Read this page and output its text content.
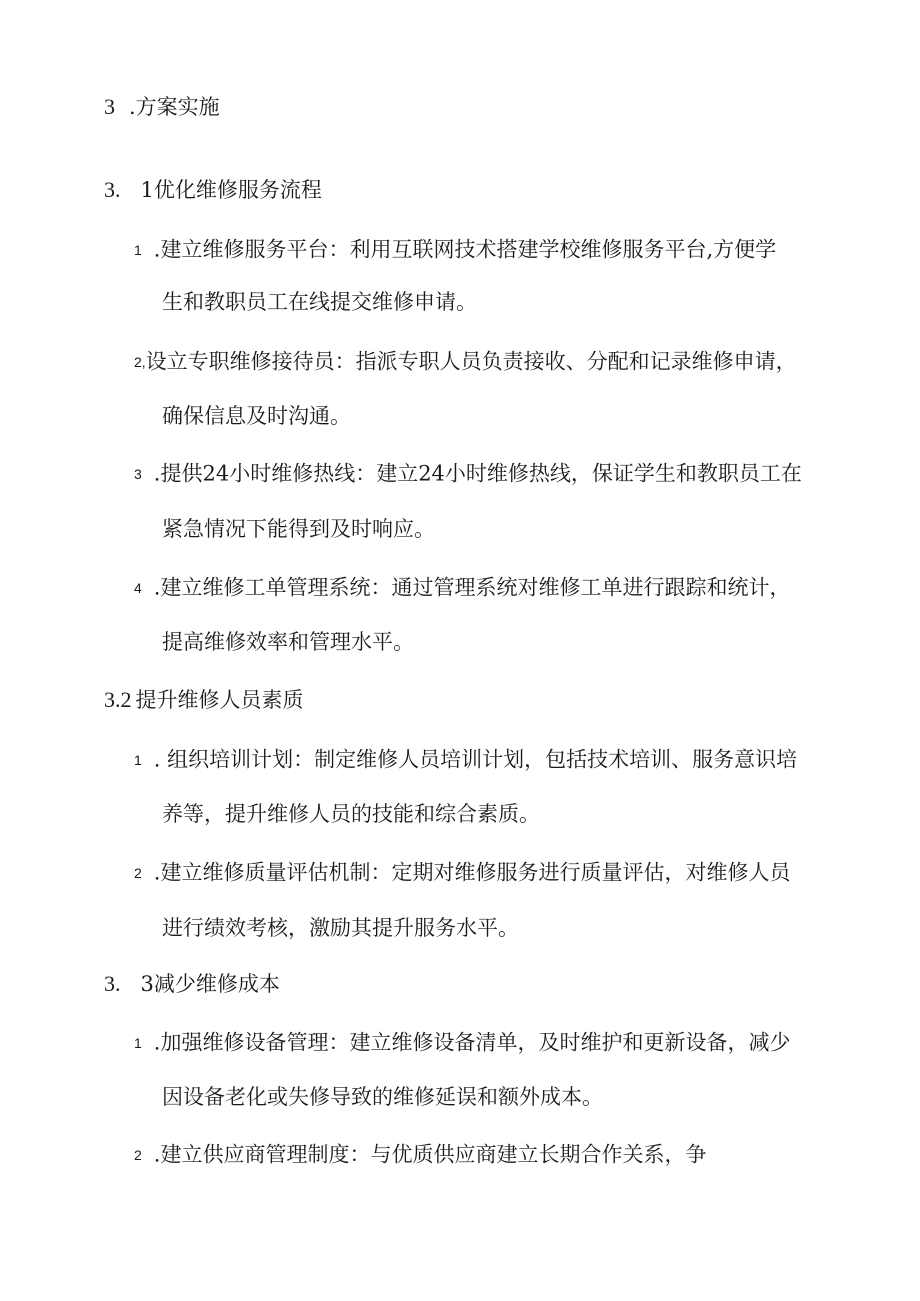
3 .方案实施

3. 1优化维修服务流程

1 .建立维修服务平台：利用互联网技术搭建学校维修服务平台,方便学

生和教职员工在线提交维修申请。

2,设立专职维修接待员：指派专职人员负责接收、分配和记录维修申请，

确保信息及时沟通。

3 .提供24小时维修热线：建立24小时维修热线，保证学生和教职员工在

紧急情况下能得到及时响应。

4 .建立维修工单管理系统：通过管理系统对维修工单进行跟踪和统计，

提高维修效率和管理水平。

3.2 提升维修人员素质

1 . 组织培训计划：制定维修人员培训计划，包括技术培训、服务意识培

养等，提升维修人员的技能和综合素质。

2 .建立维修质量评估机制：定期对维修服务进行质量评估，对维修人员

进行绩效考核，激励其提升服务水平。

3. 3减少维修成本

1 .加强维修设备管理：建立维修设备清单，及时维护和更新设备，减少

因设备老化或失修导致的维修延误和额外成本。

2 .建立供应商管理制度：与优质供应商建立长期合作关系，争
